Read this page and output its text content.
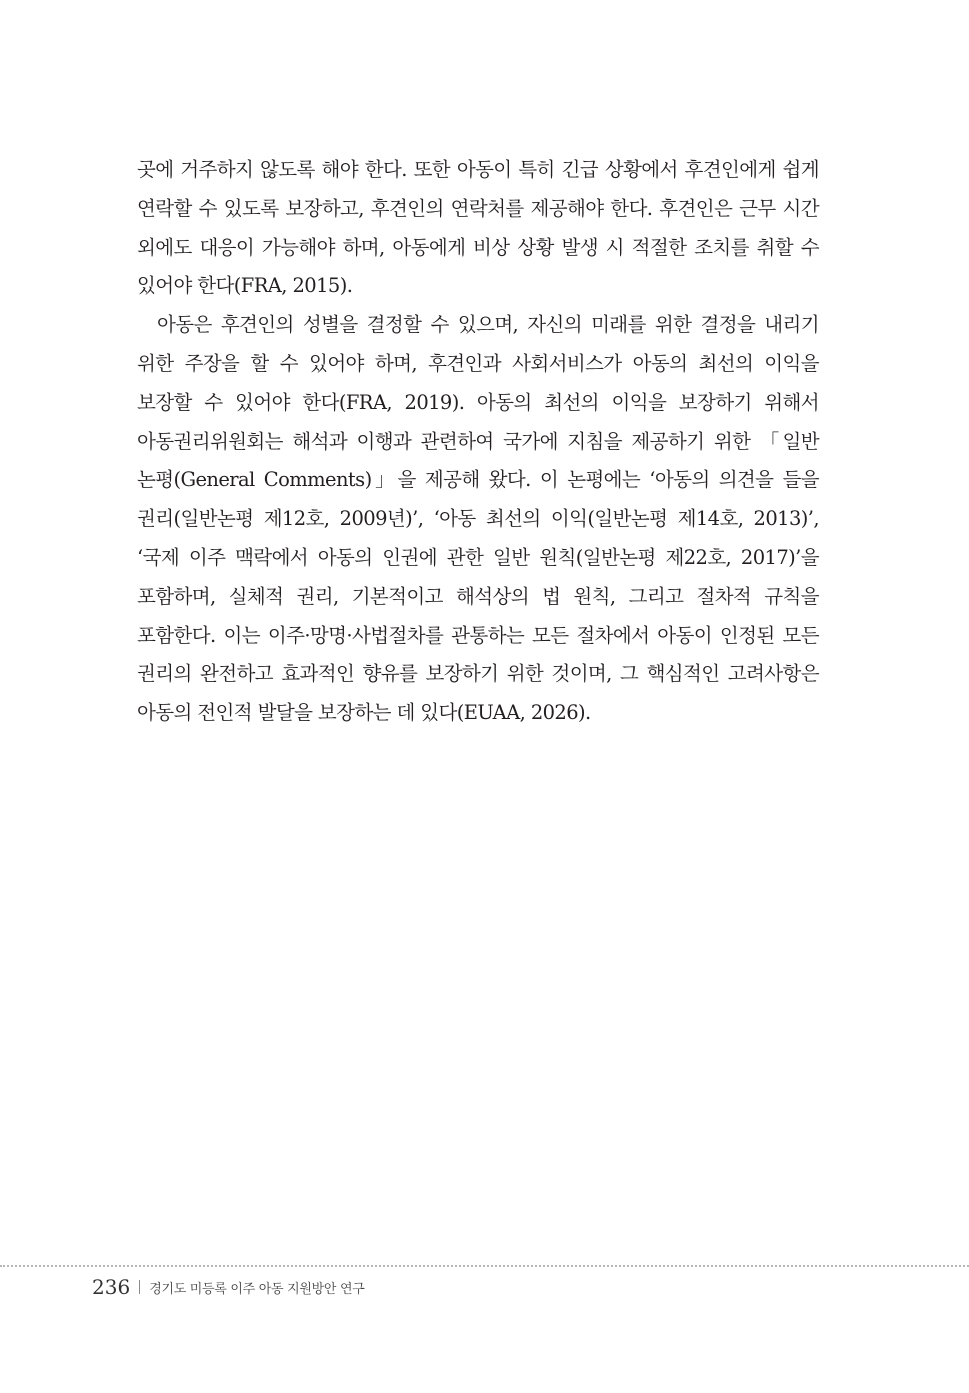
곳에 거주하지 않도록 해야 한다. 또한 아동이 특히 긴급 상황에서 후견인에게 쉽게 연락할 수 있도록 보장하고, 후견인의 연락처를 제공해야 한다. 후견인은 근무 시간 외에도 대응이 가능해야 하며, 아동에게 비상 상황 발생 시 적절한 조치를 취할 수 있어야 한다(FRA, 2015).

아동은 후견인의 성별을 결정할 수 있으며, 자신의 미래를 위한 결정을 내리기 위한 주장을 할 수 있어야 하며, 후견인과 사회서비스가 아동의 최선의 이익을 보장할 수 있어야 한다(FRA, 2019). 아동의 최선의 이익을 보장하기 위해서 아동권리위원회는 해석과 이행과 관련하여 국가에 지침을 제공하기 위한 「일반 논평(General Comments)」을 제공해 왔다. 이 논평에는 ‘아동의 의견을 들을 권리(일반논평 제12호, 2009년)’, ‘아동 최선의 이익(일반논평 제14호, 2013)’, ‘국제 이주 맥락에서 아동의 인권에 관한 일반 원칙(일반논평 제22호, 2017)’을 포함하며, 실체적 권리, 기본적이고 해석상의 법 원칙, 그리고 절차적 규칙을 포함한다. 이는 이주·망명·사법절차를 관통하는 모든 절차에서 아동이 인정된 모든 권리의 완전하고 효과적인 향유를 보장하기 위한 것이며, 그 핵심적인 고려사항은 아동의 전인적 발달을 보장하는 데 있다(EUAA, 2026).

236 경기도 미등록 이주 아동 지원방안 연구
